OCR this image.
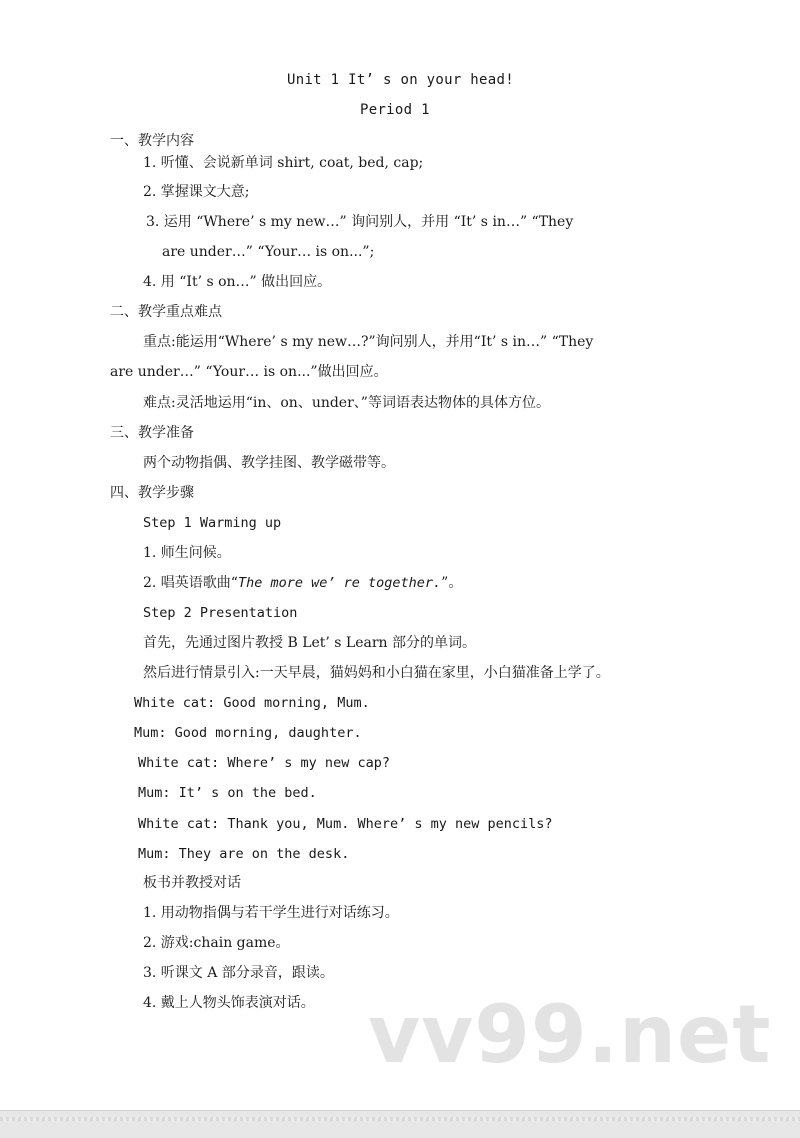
Unit 1 It’ s on your head!
Period 1
一、教学内容
1. 听懂、会说新单词 shirt, coat, bed, cap;
2. 掌握课文大意;
3. 运用 “Where’ s my new…” 询问别人，并用 “It’ s in…” “They
are under…” “Your… is on...”;
4. 用 “It’ s on…” 做出回应。
二、教学重点难点
重点:能运用“Where’ s my new…?”询问别人，并用“It’ s in…” “They
are under…” “Your… is on...”做出回应。
难点:灵活地运用“in、on、under、”等词语表达物体的具体方位。
三、教学准备
两个动物指偶、教学挂图、教学磁带等。
四、教学步骤
Step 1 Warming up
1. 师生问候。
2. 唱英语歌曲“The more we’ re together.”。
Step 2 Presentation
首先，先通过图片教授 B Let’ s Learn 部分的单词。
然后进行情景引入:一天早晨，猫妈妈和小白猫在家里，小白猫准备上学了。
White cat: Good morning, Mum.
Mum: Good morning, daughter.
White cat: Where’ s my new cap?
Mum: It’ s on the bed.
White cat: Thank you, Mum. Where’ s my new pencils?
Mum: They are on the desk.
板书并教授对话
1. 用动物指偶与若干学生进行对话练习。
2. 游戏:chain game。
3. 听课文 A 部分录音，跟读。
4. 戴上人物头饰表演对话。 vv99.net
